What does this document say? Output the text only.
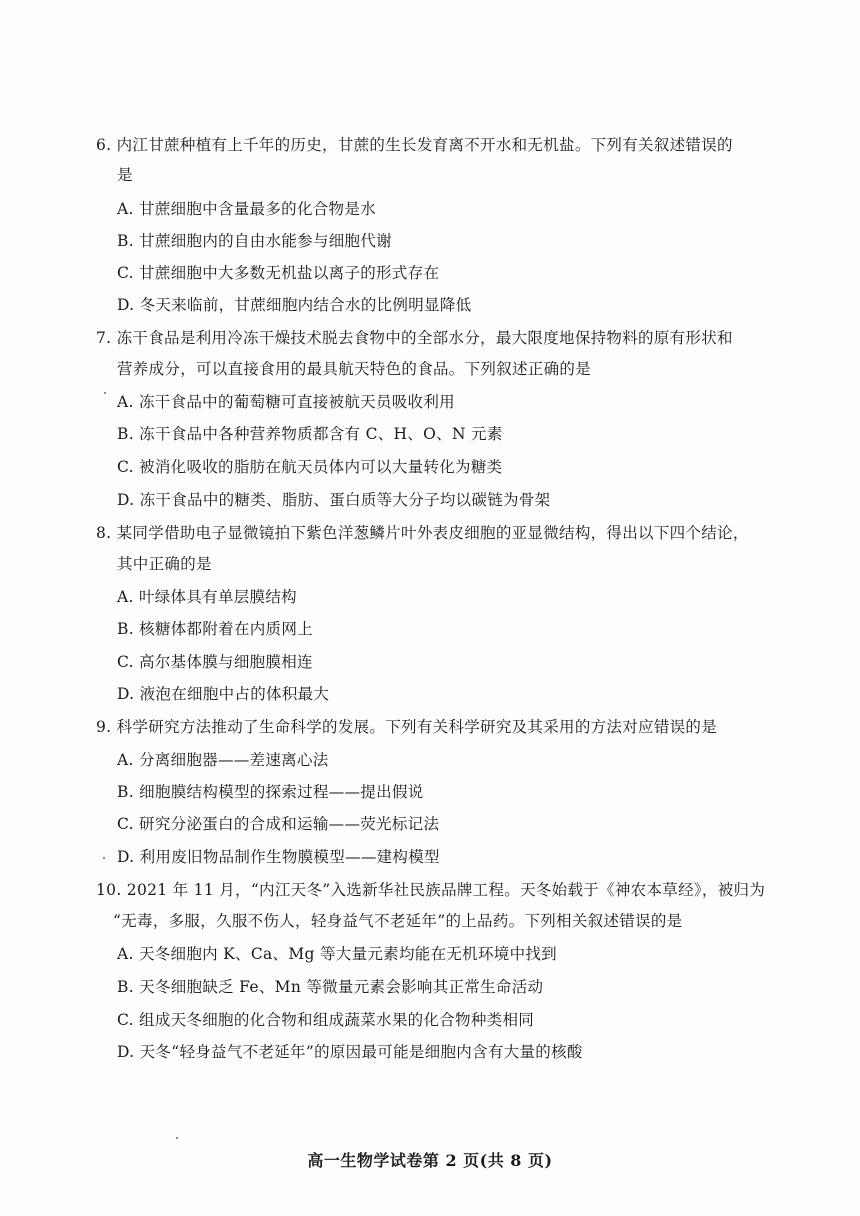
6. 内江甘蔗种植有上千年的历史，甘蔗的生长发育离不开水和无机盐。下列有关叙述错误的
是
A. 甘蔗细胞中含量最多的化合物是水
B. 甘蔗细胞内的自由水能参与细胞代谢
C. 甘蔗细胞中大多数无机盐以离子的形式存在
D. 冬天来临前，甘蔗细胞内结合水的比例明显降低
7. 冻干食品是利用冷冻干燥技术脱去食物中的全部水分，最大限度地保持物料的原有形状和
营养成分，可以直接食用的最具航天特色的食品。下列叙述正确的是
A. 冻干食品中的葡萄糖可直接被航天员吸收利用
B. 冻干食品中各种营养物质都含有 C、H、O、N 元素
C. 被消化吸收的脂肪在航天员体内可以大量转化为糖类
D. 冻干食品中的糖类、脂肪、蛋白质等大分子均以碳链为骨架
8. 某同学借助电子显微镜拍下紫色洋葱鳞片叶外表皮细胞的亚显微结构，得出以下四个结论，
其中正确的是
A. 叶绿体具有单层膜结构
B. 核糖体都附着在内质网上
C. 高尔基体膜与细胞膜相连
D. 液泡在细胞中占的体积最大
9. 科学研究方法推动了生命科学的发展。下列有关科学研究及其采用的方法对应错误的是
A. 分离细胞器——差速离心法
B. 细胞膜结构模型的探索过程——提出假说
C. 研究分泌蛋白的合成和运输——荧光标记法
D. 利用废旧物品制作生物膜模型——建构模型
10. 2021 年 11 月，“内江天冬”入选新华社民族品牌工程。天冬始载于《神农本草经》，被归为
“无毒，多服，久服不伤人，轻身益气不老延年”的上品药。下列相关叙述错误的是
A. 天冬细胞内 K、Ca、Mg 等大量元素均能在无机环境中找到
B. 天冬细胞缺乏 Fe、Mn 等微量元素会影响其正常生命活动
C. 组成天冬细胞的化合物和组成蔬菜水果的化合物种类相同
D. 天冬“轻身益气不老延年”的原因最可能是细胞内含有大量的核酸
高一生物学试卷第 2 页(共 8 页)
